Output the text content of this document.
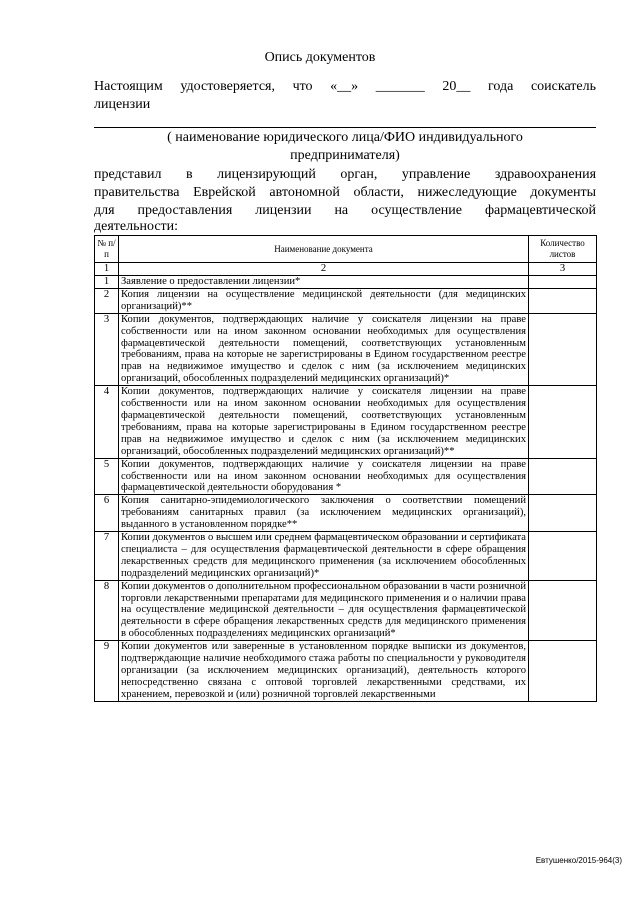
Опись документов
Настоящим удостоверяется, что «__» _______ 20__ года соискатель
лицензии
( наименование юридического лица/ФИО индивидуального
предпринимателя)
представил в лицензирующий орган, управление здравоохранения
правительства Еврейской автономной области, нижеследующие документы
для предоставления лицензии на осуществление фармацевтической
деятельности:
№ п/п	Наименование документа	Количество листов
1	2	3
1	Заявление о предоставлении лицензии*	
2	Копия лицензии на осуществление медицинской деятельности (для медицинских организаций)**	
3	Копии документов, подтверждающих наличие у соискателя лицензии на праве собственности или на ином законном основании необходимых для осуществления фармацевтической деятельности помещений, соответствующих установленным требованиям, права на которые не зарегистрированы в Едином государственном реестре прав на недвижимое имущество и сделок с ним (за исключением медицинских организаций, обособленных подразделений медицинских организаций)*	
4	Копии документов, подтверждающих наличие у соискателя лицензии на праве собственности или на ином законном основании необходимых для осуществления фармацевтической деятельности помещений, соответствующих установленным требованиям, права на которые зарегистрированы в Едином государственном реестре прав на недвижимое имущество и сделок с ним (за исключением медицинских организаций, обособленных подразделений медицинских организаций)**	
5	Копии документов, подтверждающих наличие у соискателя лицензии на праве собственности или на ином законном основании необходимых для осуществления фармацевтической деятельности оборудования *	
6	Копия санитарно-эпидемиологического заключения о соответствии помещений требованиям санитарных правил (за исключением медицинских организаций), выданного в установленном порядке**	
7	Копии документов о высшем или среднем фармацевтическом образовании и сертификата специалиста – для осуществления фармацевтической деятельности в сфере обращения лекарственных средств для медицинского применения (за исключением обособленных подразделений медицинских организаций)*	
8	Копии документов о дополнительном профессиональном образовании в части розничной торговли лекарственными препаратами для медицинского применения и о наличии права на осуществление медицинской деятельности – для осуществления фармацевтической деятельности в сфере обращения лекарственных средств для медицинского применения в обособленных подразделениях медицинских организаций*	
9	Копии документов или заверенные в установленном порядке выписки из документов, подтверждающие наличие необходимого стажа работы по специальности у руководителя организации (за исключением медицинских организаций), деятельность которого непосредственно связана с оптовой торговлей лекарственными средствами, их хранением, перевозкой и (или) розничной торговлей лекарственными	
Евтушенко/2015-964(3)
